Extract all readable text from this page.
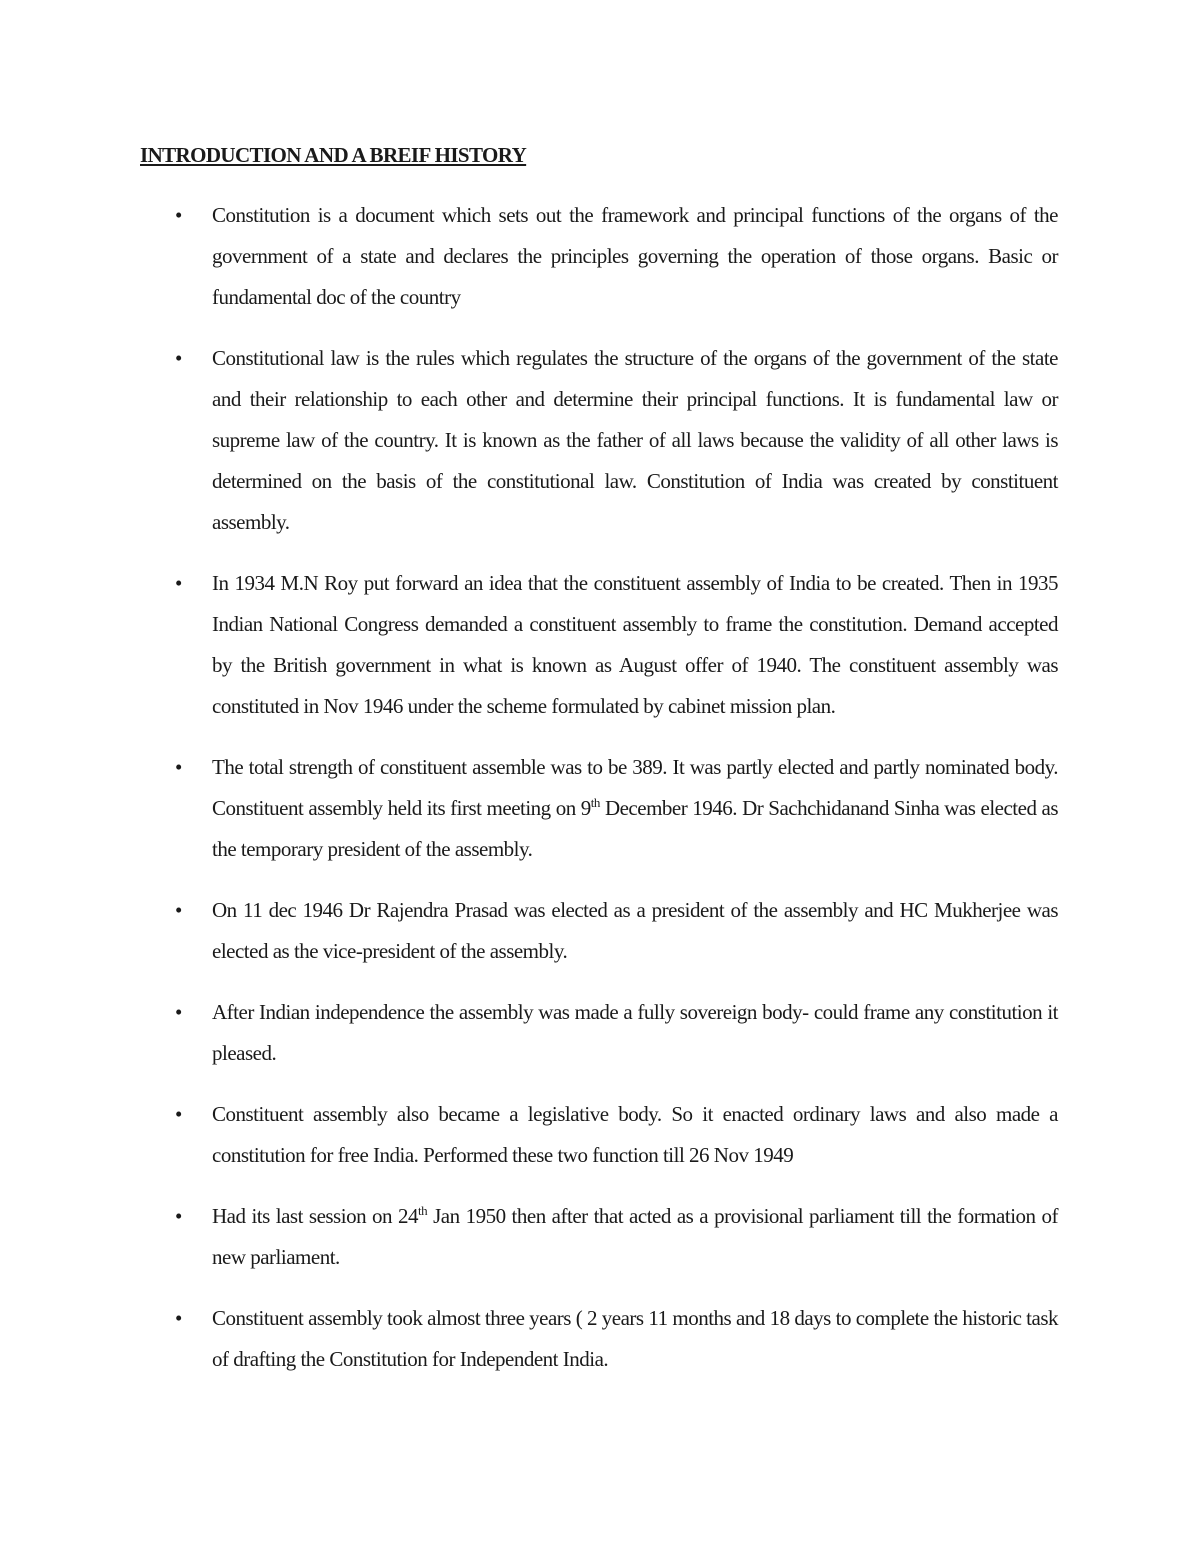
INTRODUCTION AND A BREIF HISTORY
• Constitution is a document which sets out the framework and principal functions of the organs of the government of a state and declares the principles governing the operation of those organs. Basic or fundamental doc of the country
• Constitutional law is the rules which regulates the structure of the organs of the government of the state and their relationship to each other and determine their principal functions. It is fundamental law or supreme law of the country. It is known as the father of all laws because the validity of all other laws is determined on the basis of the constitutional law. Constitution of India was created by constituent assembly.
• In 1934 M.N Roy put forward an idea that the constituent assembly of India to be created. Then in 1935 Indian National Congress demanded a constituent assembly to frame the constitution. Demand accepted by the British government in what is known as August offer of 1940. The constituent assembly was constituted in Nov 1946 under the scheme formulated by cabinet mission plan.
• The total strength of constituent assemble was to be 389. It was partly elected and partly nominated body. Constituent assembly held its first meeting on 9th December 1946. Dr Sachchidanand Sinha was elected as the temporary president of the assembly.
• On 11 dec 1946 Dr Rajendra Prasad was elected as a president of the assembly and HC Mukherjee was elected as the vice-president of the assembly.
• After Indian independence the assembly was made a fully sovereign body- could frame any constitution it pleased.
• Constituent assembly also became a legislative body. So it enacted ordinary laws and also made a constitution for free India. Performed these two function till 26 Nov 1949
• Had its last session on 24th Jan 1950 then after that acted as a provisional parliament till the formation of new parliament.
• Constituent assembly took almost three years ( 2 years 11 months and 18 days to complete the historic task of drafting the Constitution for Independent India.
